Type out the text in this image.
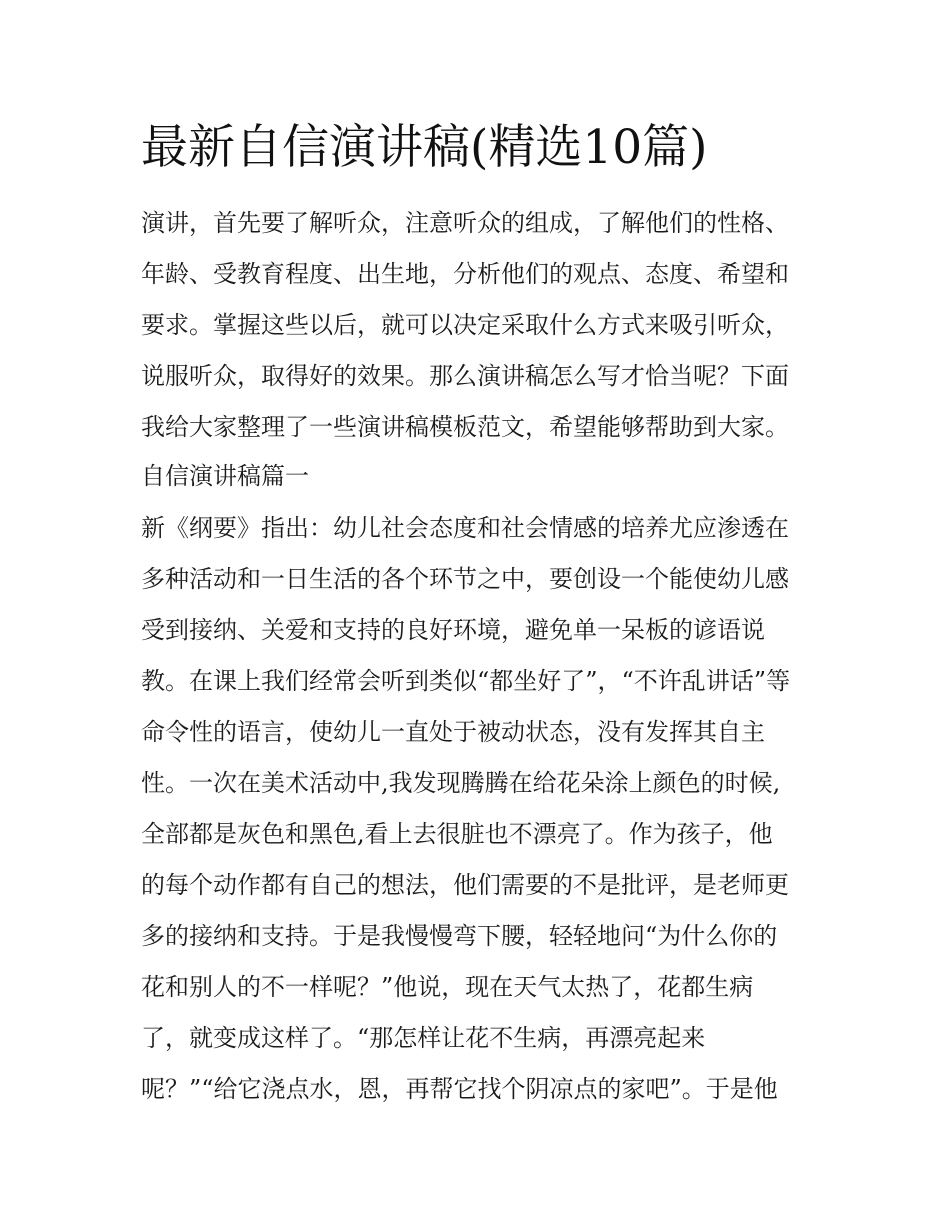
最新自信演讲稿(精选10篇)

演讲，首先要了解听众，注意听众的组成，了解他们的性格、

年龄、受教育程度、出生地，分析他们的观点、态度、希望和

要求。掌握这些以后，就可以决定采取什么方式来吸引听众，

说服听众，取得好的效果。那么演讲稿怎么写才恰当呢？下面

我给大家整理了一些演讲稿模板范文，希望能够帮助到大家。

自信演讲稿篇一

新《纲要》指出：幼儿社会态度和社会情感的培养尤应渗透在

多种活动和一日生活的各个环节之中，要创设一个能使幼儿感

受到接纳、关爱和支持的良好环境，避免单一呆板的谚语说

教。在课上我们经常会听到类似“都坐好了”，“不许乱讲话”等

命令性的语言，使幼儿一直处于被动状态，没有发挥其自主

性。一次在美术活动中,我发现腾腾在给花朵涂上颜色的时候,

全部都是灰色和黑色,看上去很脏也不漂亮了。作为孩子，他

的每个动作都有自己的想法，他们需要的不是批评，是老师更

多的接纳和支持。于是我慢慢弯下腰，轻轻地问“为什么你的

花和别人的不一样呢？”他说，现在天气太热了，花都生病

了，就变成这样了。“那怎样让花不生病，再漂亮起来

呢？”“给它浇点水，恩，再帮它找个阴凉点的家吧”。于是他
